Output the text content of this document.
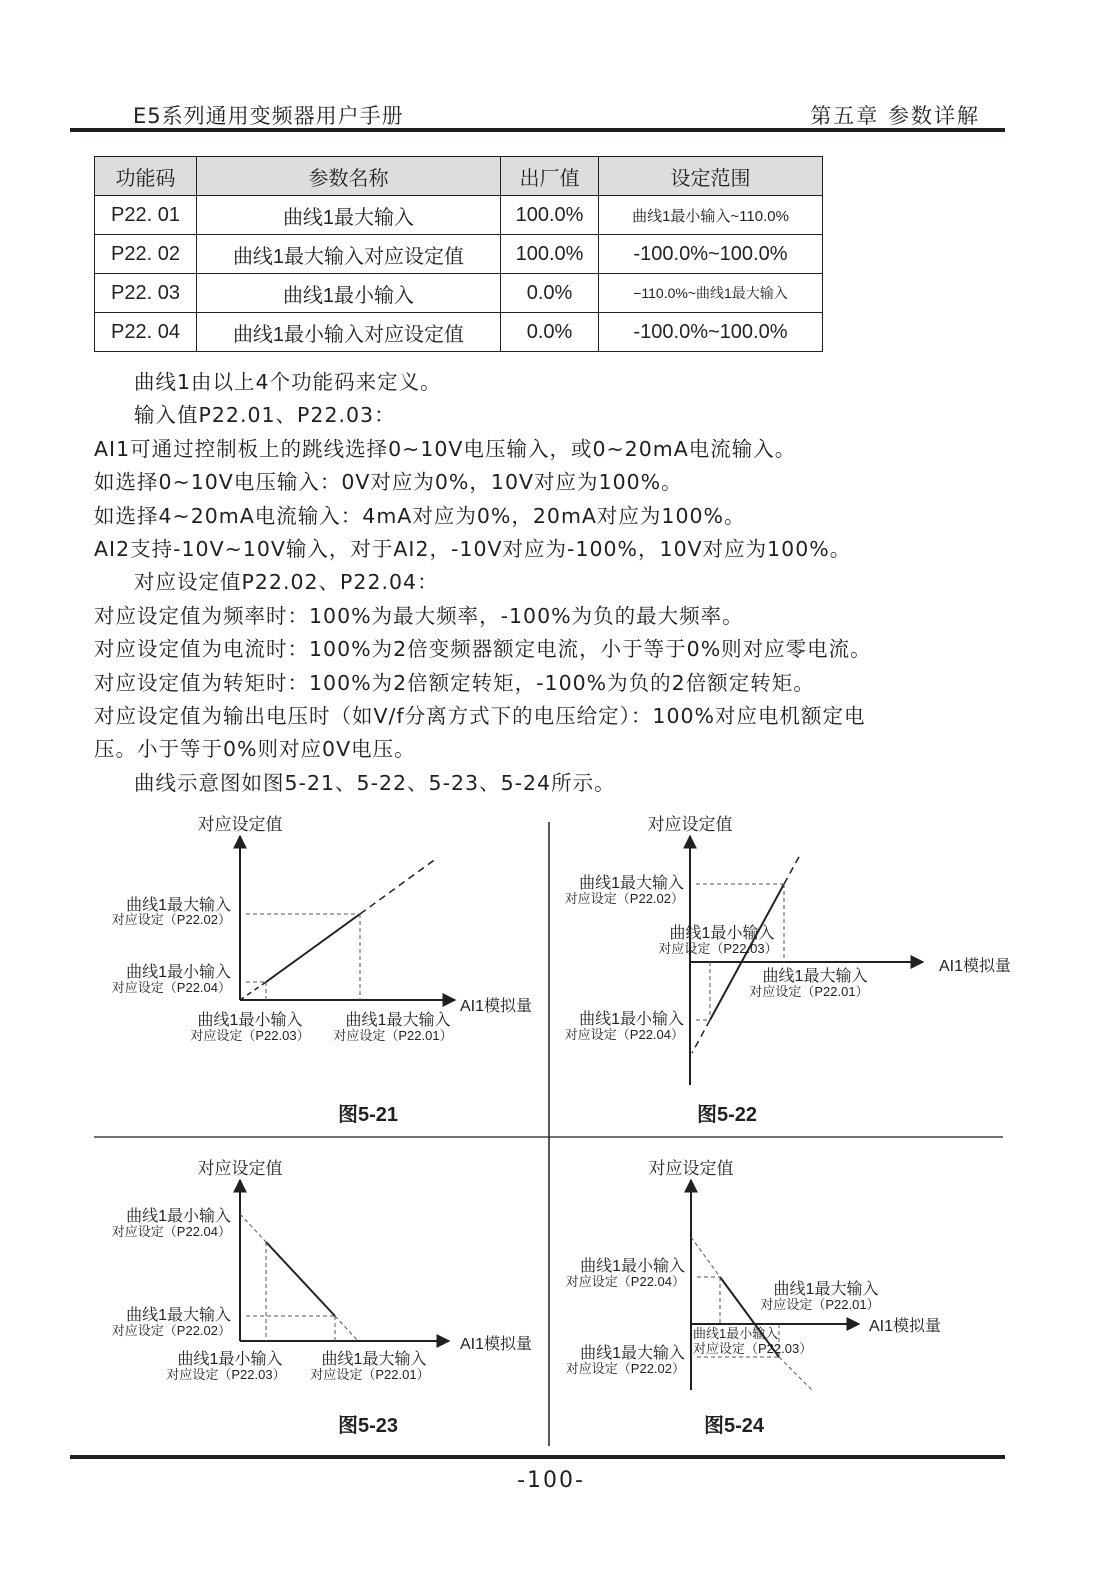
E5系列通用变频器用户手册	第五章 参数详解
功能码	参数名称	出厂值	设定范围
P22. 01	曲线1最大输入	100.0%	曲线1最小输入~110.0%
P22. 02	曲线1最大输入对应设定值	100.0%	-100.0%~100.0%
P22. 03	曲线1最小输入	0.0%	−110.0%~曲线1最大输入
P22. 04	曲线1最小输入对应设定值	0.0%	-100.0%~100.0%

曲线1由以上4个功能码来定义。

输入值P22.01、P22.03：

AI1可通过控制板上的跳线选择0~10V电压输入，或0~20mA电流输入。

如选择0~10V电压输入：0V对应为0%，10V对应为100%。

如选择4~20mA电流输入：4mA对应为0%，20mA对应为100%。

AI2支持-10V~10V输入，对于AI2，-10V对应为-100%，10V对应为100%。

对应设定值P22.02、P22.04：

对应设定值为频率时：100%为最大频率，-100%为负的最大频率。

对应设定值为电流时：100%为2倍变频器额定电流，小于等于0%则对应零电流。

对应设定值为转矩时：100%为2倍额定转矩，-100%为负的2倍额定转矩。

对应设定值为输出电压时（如V/f分离方式下的电压给定）：100%对应电机额定电

压。小于等于0%则对应0V电压。

曲线示意图如图5-21、5-22、5-23、5-24所示。

对应设定值
AI1模拟量
曲线1最大输入
对应设定（P22.02）
曲线1最小输入
对应设定（P22.04）
曲线1最小输入
对应设定（P22.03）
曲线1最大输入
对应设定（P22.01）
图5-21
对应设定值
AI1模拟量
曲线1最大输入
对应设定（P22.02）
曲线1最小输入
对应设定（P22.03）
曲线1最大输入
对应设定（P22.01）
曲线1最小输入
对应设定（P22.04）
图5-22
对应设定值
AI1模拟量
曲线1最小输入
对应设定（P22.04）
曲线1最大输入
对应设定（P22.02）
曲线1最小输入
对应设定（P22.03）
曲线1最大输入
对应设定（P22.01）
图5-23
对应设定值
AI1模拟量
曲线1最小输入
对应设定（P22.04）	曲线1最大输入
对应设定（P22.01）
曲线1最小输入
对应设定（P22.03）
曲线1最大输入
对应设定（P22.02）
图5-24
-100-
